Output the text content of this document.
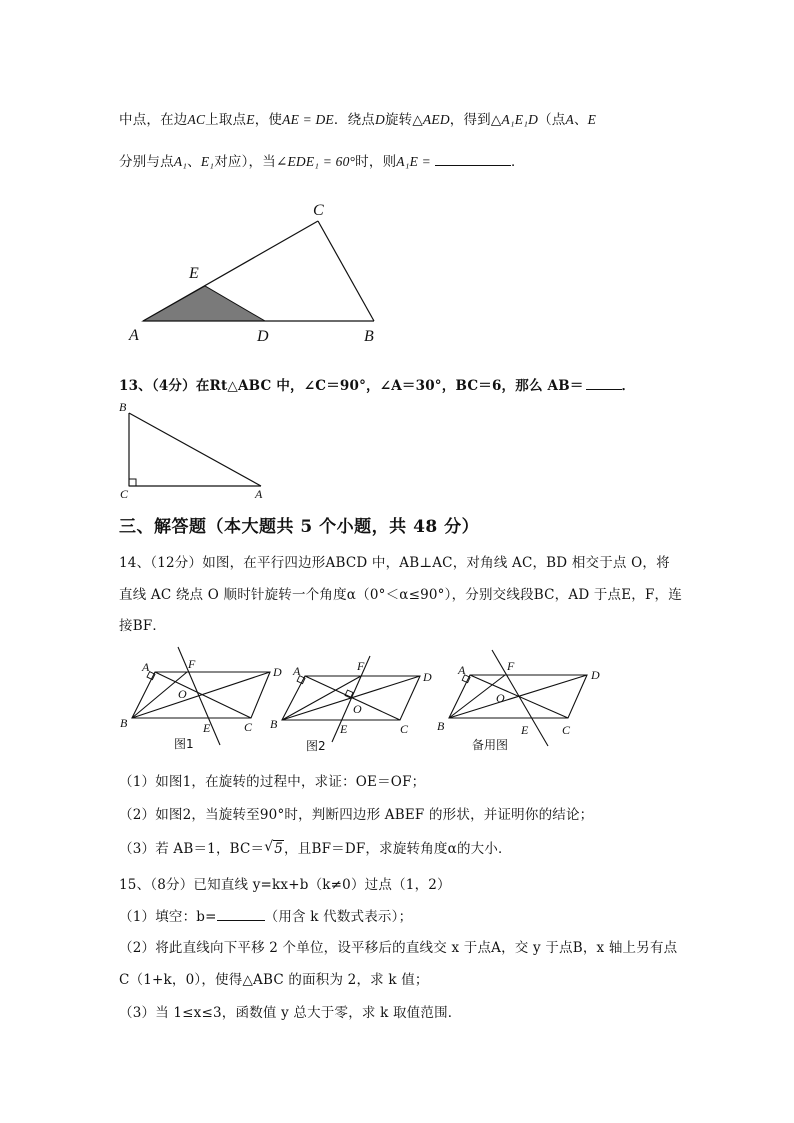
中点，在边AC上取点E，使AE = DE．绕点D旋转△AED，得到△A₁E₁D（点A、E
分别与点A₁、E₁对应），当∠EDE₁ = 60°时，则A₁E =	．
C
E
A	D	B
13、（4分）在Rt△ABC 中，∠C＝90°，∠A＝30°，BC＝6，那么 AB＝	．
B
C	A
三、解答题（本大题共 5 个小题，共 48 分）
14、（12分）如图，在平行四边形ABCD 中，AB⊥AC，对角线 AC，BD 相交于点 O，将
直线 AC 绕点 O 顺时针旋转一个角度α（0°＜α≤90°），分别交线段BC，AD 于点E，F，连
接BF．
A	F
D
O
B	E	C
图1
A	F
D
O
B	E	C
图2
A	F
D
O
B	E	C
备用图
（1）如图1，在旋转的过程中，求证：OE＝OF；
（2）如图2，当旋转至90°时，判断四边形 ABEF 的形状，并证明你的结论；
（3）若 AB＝1，BC＝ √ 5，且BF＝DF，求旋转角度α的大小．
15、（8分）已知直线 y=kx+b（k≠0）过点（1，2）
（1）填空：b=	（用含 k 代数式表示）；
（2）将此直线向下平移 2 个单位，设平移后的直线交 x 于点A，交 y 于点B，x 轴上另有点
C（1+k，0），使得△ABC 的面积为 2，求 k 值；
（3）当 1≤x≤3，函数值 y 总大于零，求 k 取值范围．
